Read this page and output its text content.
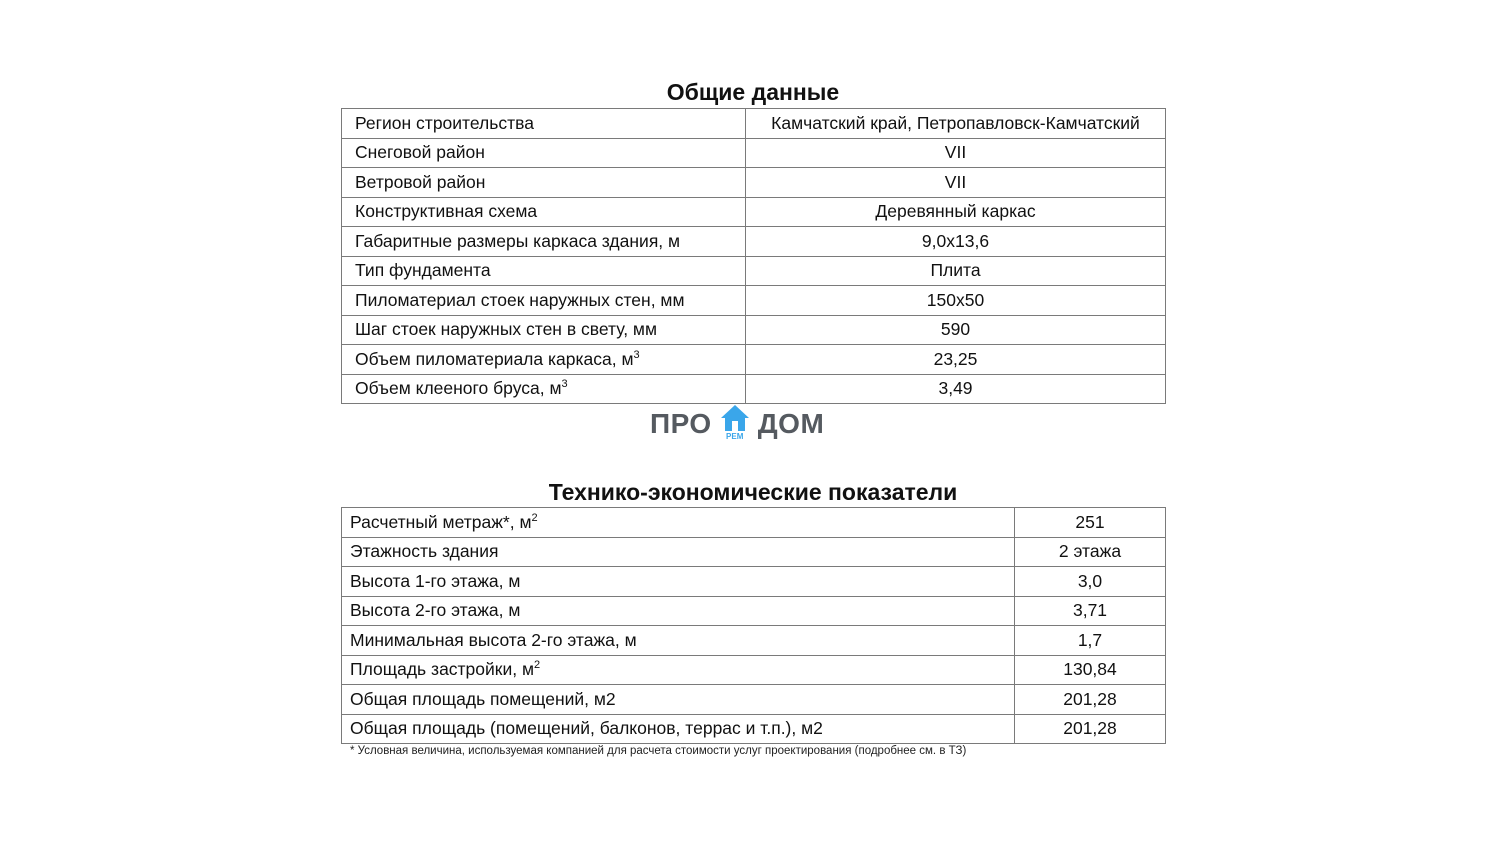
Общие данные
Регион строительства	Камчатский край, Петропавловск-Камчатский
Снеговой район	VII
Ветровой район	VII
Конструктивная схема	Деревянный каркас
Габаритные размеры каркаса здания, м	9,0х13,6
Тип фундамента	Плита
Пиломатериал стоек наружных стен, мм	150х50
Шаг стоек наружных стен в свету, мм	590
Объем пиломатериала каркаса, $м^3$	23,25
Объем клееного бруса, $м^3$	3,49
ПРО	РЕМ ДОМ
Технико-экономические показатели
Расчетный метраж*, $м^2$	251
Этажность здания	2 этажа
Высота 1-го этажа, м	3,0
Высота 2-го этажа, м	3,71
Минимальная высота 2-го этажа, м	1,7
Площадь застройки, $м^2$	130,84
Общая площадь помещений, м2	201,28
Общая площадь (помещений, балконов, террас и т.п.), м2	201,28
* Условная величина, используемая компанией для расчета стоимости услуг проектирования (подробнее см. в ТЗ)
